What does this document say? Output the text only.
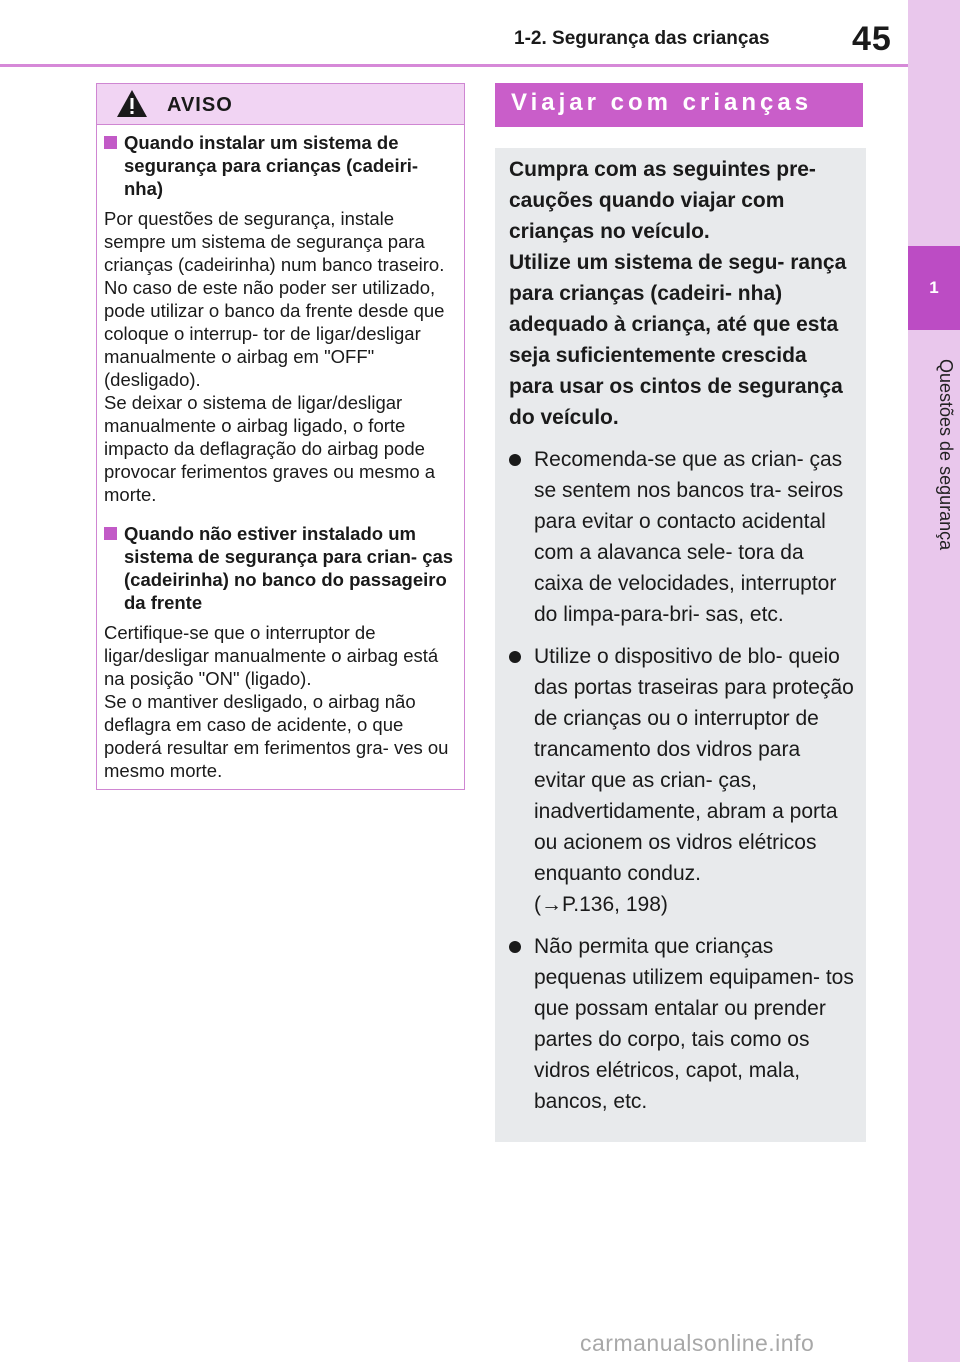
1-2. Segurança das crianças 45
1
Questões de segurança
AVISO
Quando instalar um sistema de segurança para crianças (cadeiri- nha)
Por questões de segurança, instale sempre um sistema de segurança para crianças (cadeirinha) num banco traseiro. No caso de este não poder ser utilizado, pode utilizar o banco da frente desde que coloque o interrup- tor de ligar/desligar manualmente o airbag em "OFF" (desligado).
Se deixar o sistema de ligar/desligar manualmente o airbag ligado, o forte impacto da deflagração do airbag pode provocar ferimentos graves ou mesmo a morte.
Quando não estiver instalado um sistema de segurança para crian- ças (cadeirinha) no banco do passageiro da frente
Certifique-se que o interruptor de ligar/desligar manualmente o airbag está na posição "ON" (ligado).
Se o mantiver desligado, o airbag não deflagra em caso de acidente, o que poderá resultar em ferimentos gra- ves ou mesmo morte.
Viajar com crianças
Cumpra com as seguintes pre- cauções quando viajar com crianças no veículo.
Utilize um sistema de segu- rança para crianças (cadeiri- nha) adequado à criança, até que esta seja suficientemente crescida para usar os cintos de segurança do veículo.
Recomenda-se que as crian- ças se sentem nos bancos tra- seiros para evitar o contacto acidental com a alavanca sele- tora da caixa de velocidades, interruptor do limpa-para-bri- sas, etc.
Utilize o dispositivo de blo- queio das portas traseiras para proteção de crianças ou o interruptor de trancamento dos vidros para evitar que as crian- ças, inadvertidamente, abram a porta ou acionem os vidros elétricos enquanto conduz.
(→P.136, 198)
Não permita que crianças pequenas utilizem equipamen- tos que possam entalar ou prender partes do corpo, tais como os vidros elétricos, capot, mala, bancos, etc.
carmanualsonline.info
